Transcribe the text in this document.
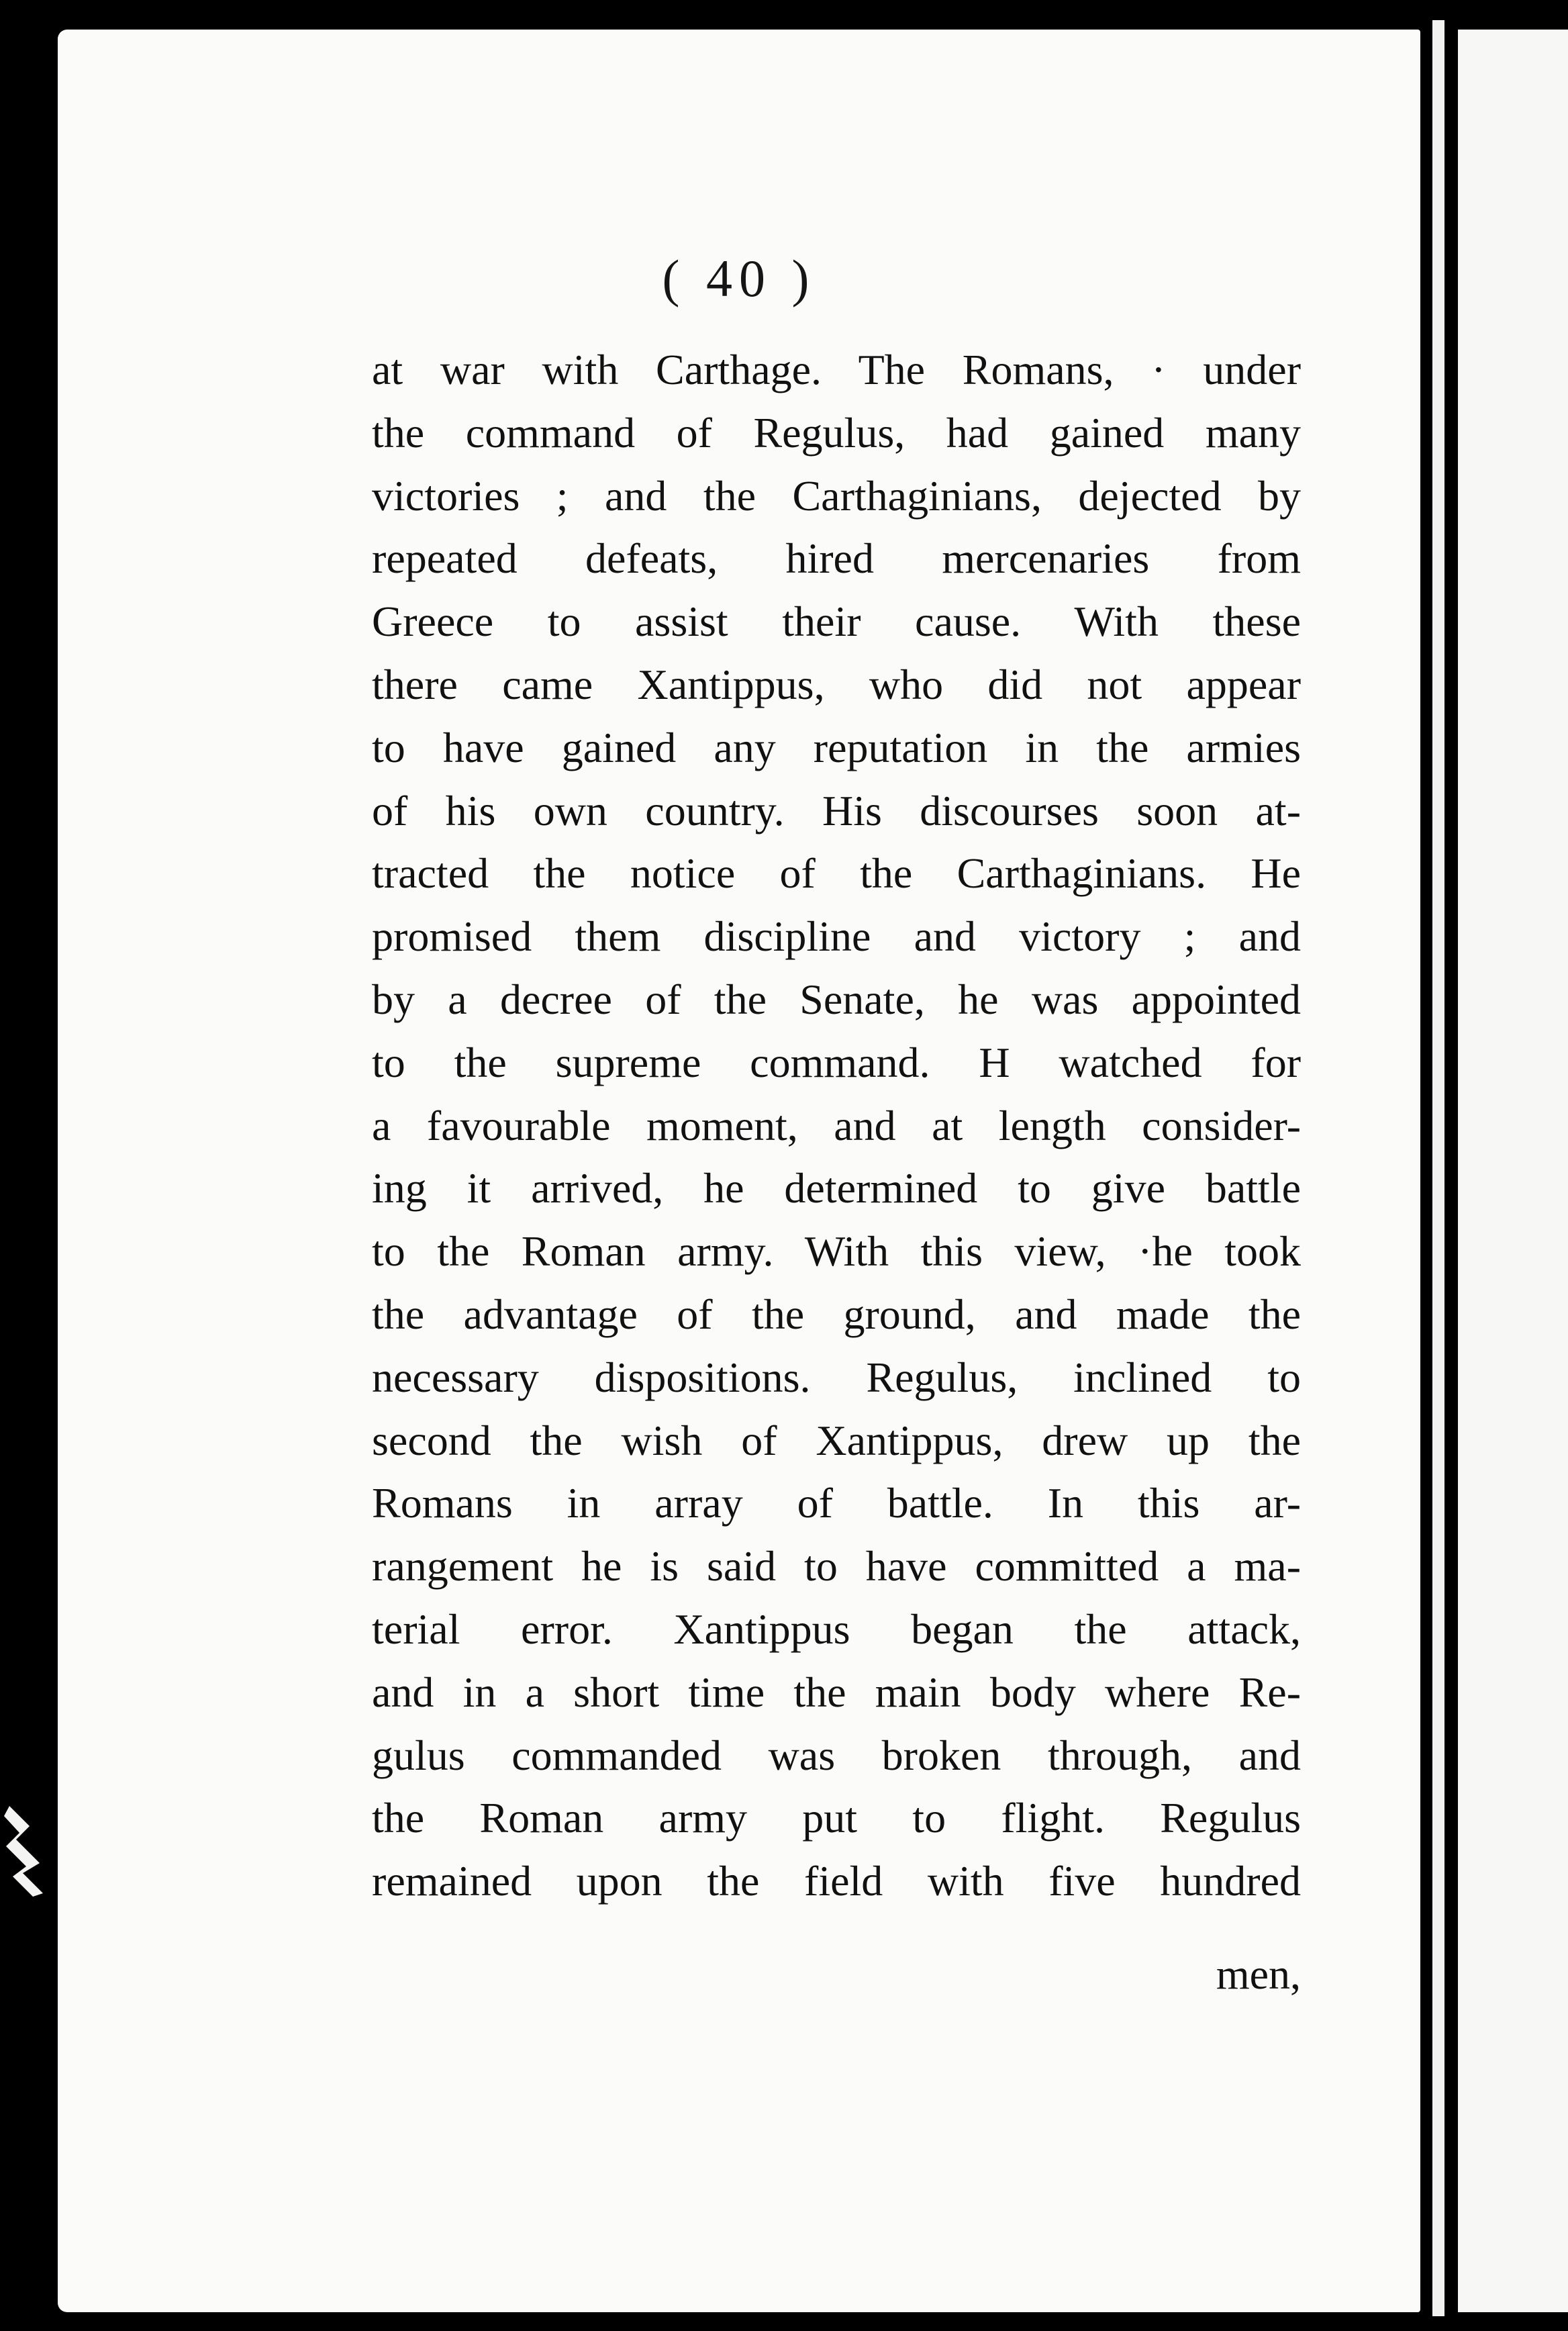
( 40 )
at war with Carthage. The Romans, · under
the command of Regulus, had gained many
victories ; and the Carthaginians, dejected by
repeated defeats, hired mercenaries from
Greece to assist their cause. With these
there came Xantippus, who did not appear
to have gained any reputation in the armies
of his own country. His discourses soon at-
tracted the notice of the Carthaginians. He
promised them discipline and victory ; and
by a decree of the Senate, he was appointed
to the supreme command. H watched for
a favourable moment, and at length consider-
ing it arrived, he determined to give battle
to the Roman army. With this view, ·he took
the advantage of the ground, and made the
necessary dispositions. Regulus, inclined to
second the wish of Xantippus, drew up the
Romans in array of battle. In this ar-
rangement he is said to have committed a ma-
terial error. Xantippus began the attack,
and in a short time the main body where Re-
gulus commanded was broken through, and
the Roman army put to flight. Regulus
remained upon the field with five hundred
men,
